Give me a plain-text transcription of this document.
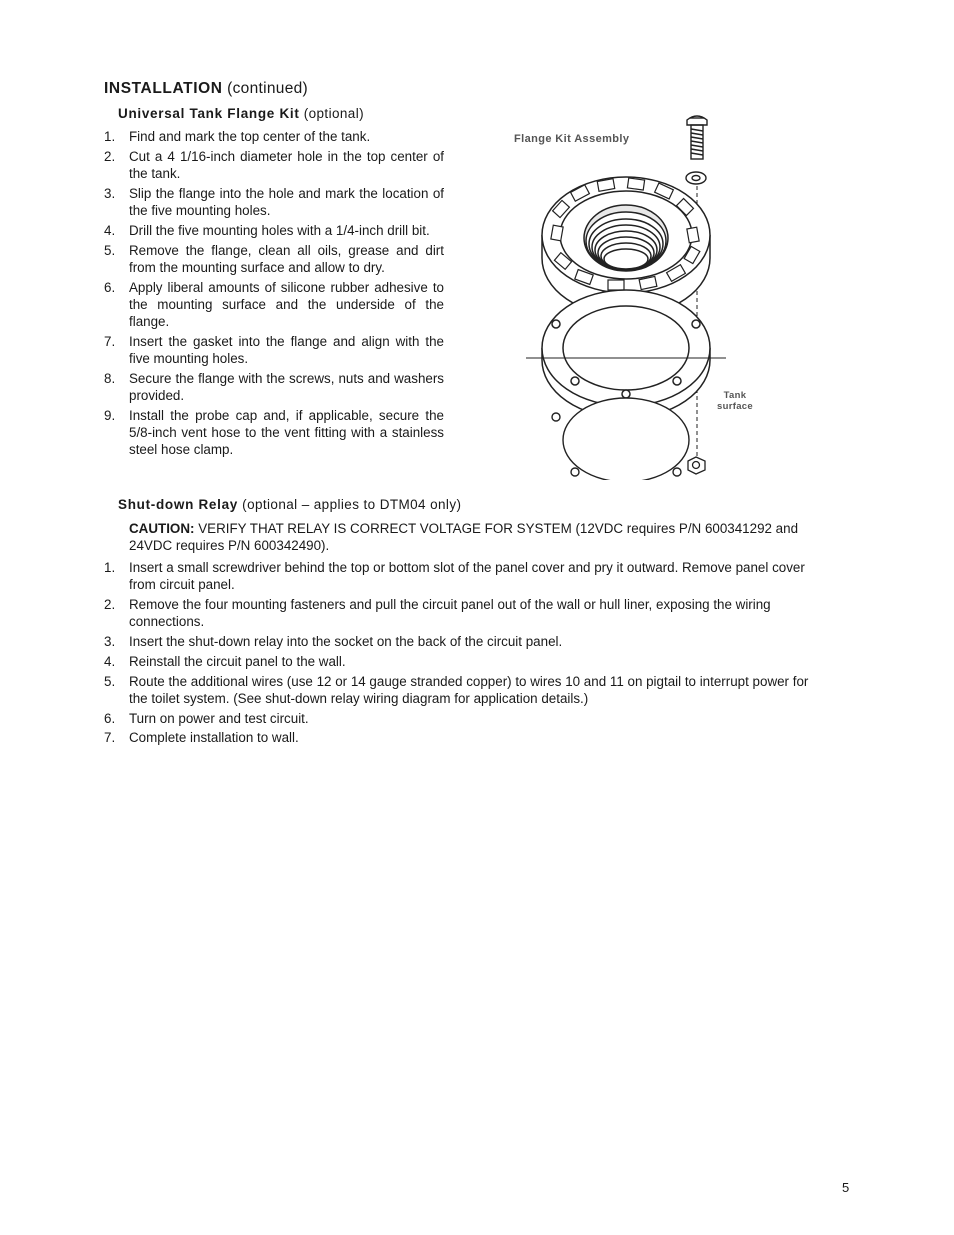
INSTALLATION (continued)
Universal Tank Flange Kit (optional)
1. Find and mark the top center of the tank.
2. Cut a 4 1/16-inch diameter hole in the top center of the tank.
3. Slip the flange into the hole and mark the location of the five mounting holes.
4. Drill the five mounting holes with a 1/4-inch drill bit.
5. Remove the flange, clean all oils, grease and dirt from the mounting surface and allow to dry.
6. Apply liberal amounts of silicone rubber adhesive to the mounting surface and the underside of the flange.
7. Insert the gasket into the flange and align with the five mounting holes.
8. Secure the flange with the screws, nuts and washers provided.
9. Install the probe cap and, if applicable, secure the 5/8-inch vent hose to the vent fitting with a stainless steel hose clamp.
Flange Kit Assembly
Tank surface
Shut-down Relay (optional – applies to DTM04 only)
CAUTION: VERIFY THAT RELAY IS CORRECT VOLTAGE FOR SYSTEM (12VDC requires P/N 600341292 and 24VDC requires P/N 600342490).
1. Insert a small screwdriver behind the top or bottom slot of the panel cover and pry it outward. Remove panel cover from circuit panel.
2. Remove the four mounting fasteners and pull the circuit panel out of the wall or hull liner, exposing the wiring connections.
3. Insert the shut-down relay into the socket on the back of the circuit panel.
4. Reinstall the circuit panel to the wall.
5. Route the additional wires (use 12 or 14 gauge stranded copper) to wires 10 and 11 on pigtail to interrupt power for the toilet system. (See shut-down relay wiring diagram for application details.)
6. Turn on power and test circuit.
7. Complete installation to wall.
5
